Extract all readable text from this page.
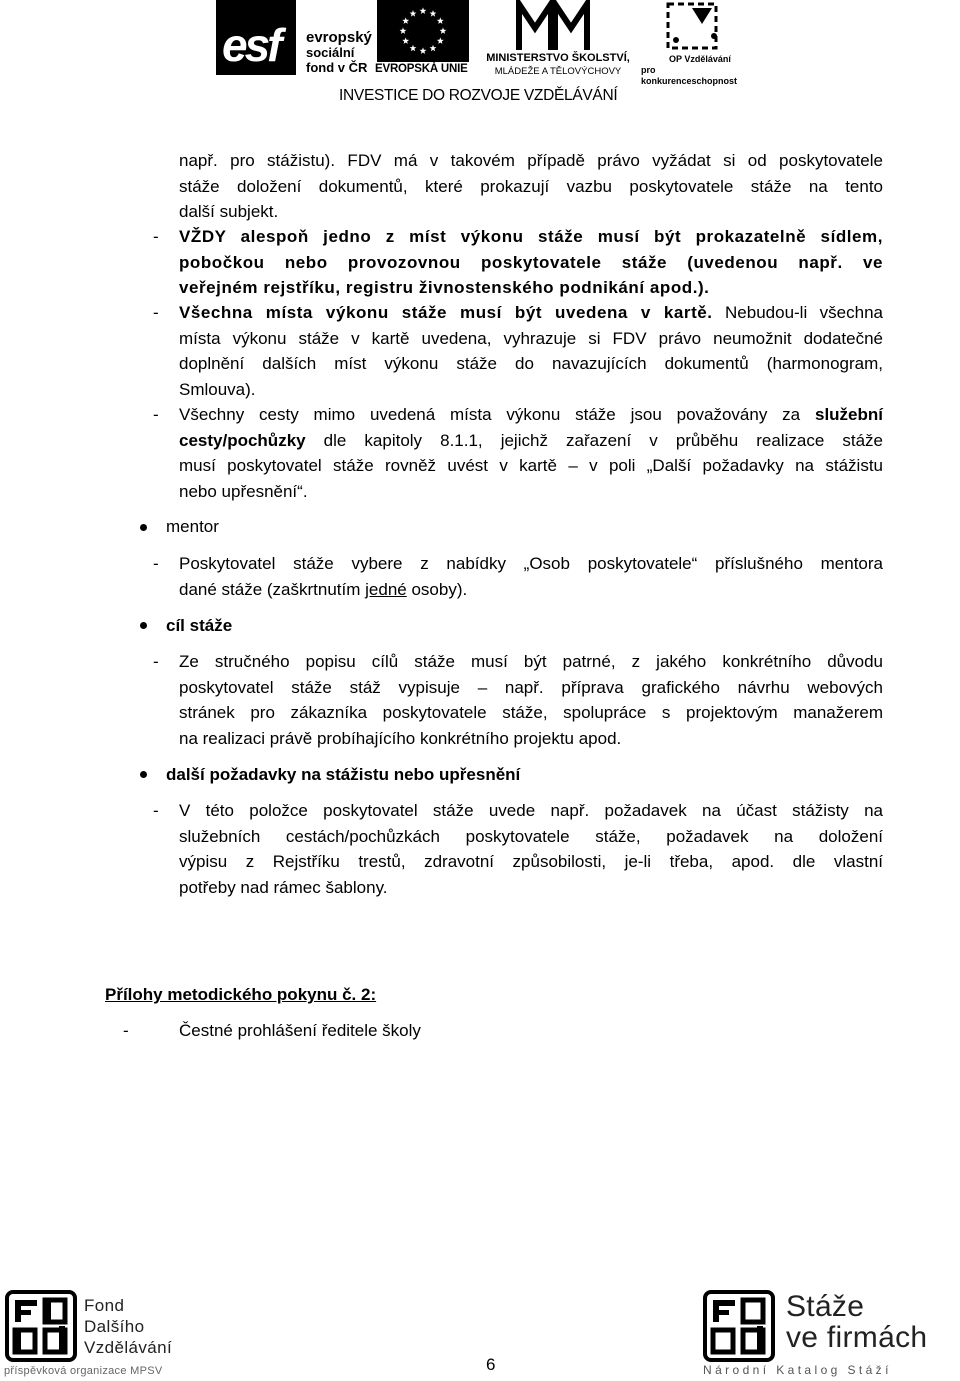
esf evropský
sociální
fond v ČR EVROPSKÁ UNIE
MINISTERSTVO ŠKOLSTVÍ,
MLÁDEŽE A TĚLOVÝCHOVY
OP Vzdělávání
pro konkurenceschopnost
INVESTICE DO ROZVOJE VZDĚLÁVÁNÍ
např. pro stážistu). FDV má v takovém případě právo vyžádat si od poskytovatele
stáže doložení dokumentů, které prokazují vazbu poskytovatele stáže na tento
další subjekt.
- VŽDY alespoň jedno z míst výkonu stáže musí být prokazatelně sídlem,
pobočkou nebo provozovnou poskytovatele stáže (uvedenou např. ve
veřejném rejstříku, registru živnostenského podnikání apod.).
- Všechna místa výkonu stáže musí být uvedena v kartě. Nebudou-li všechna
místa výkonu stáže v kartě uvedena, vyhrazuje si FDV právo neumožnit dodatečné
doplnění dalších míst výkonu stáže do navazujících dokumentů (harmonogram,
Smlouva).
- Všechny cesty mimo uvedená místa výkonu stáže jsou považovány za služební
cesty/pochůzky dle kapitoly 8.1.1, jejichž zařazení v průběhu realizace stáže
musí poskytovatel stáže rovněž uvést v kartě – v poli „Další požadavky na stážistu
nebo upřesnění“.
mentor
- Poskytovatel stáže vybere z nabídky „Osob poskytovatele“ příslušného mentora
dané stáže (zaškrtnutím jedné osoby).
cíl stáže
- Ze stručného popisu cílů stáže musí být patrné, z jakého konkrétního důvodu
poskytovatel stáže stáž vypisuje – např. příprava grafického návrhu webových
stránek pro zákazníka poskytovatele stáže, spolupráce s projektovým manažerem
na realizaci právě probíhajícího konkrétního projektu apod.
další požadavky na stážistu nebo upřesnění
- V této položce poskytovatel stáže uvede např. požadavek na účast stážisty na
služebních cestách/pochůzkách poskytovatele stáže, požadavek na doložení
výpisu z Rejstříku trestů, zdravotní způsobilosti, je-li třeba, apod. dle vlastní
potřeby nad rámec šablony.
Přílohy metodického pokynu č. 2:
-	Čestné prohlášení ředitele školy
Fond
Dalšího
Vzdělávání
příspěvková organizace MPSV	6
Stáže
ve firmách
Národní Katalog Stáží
